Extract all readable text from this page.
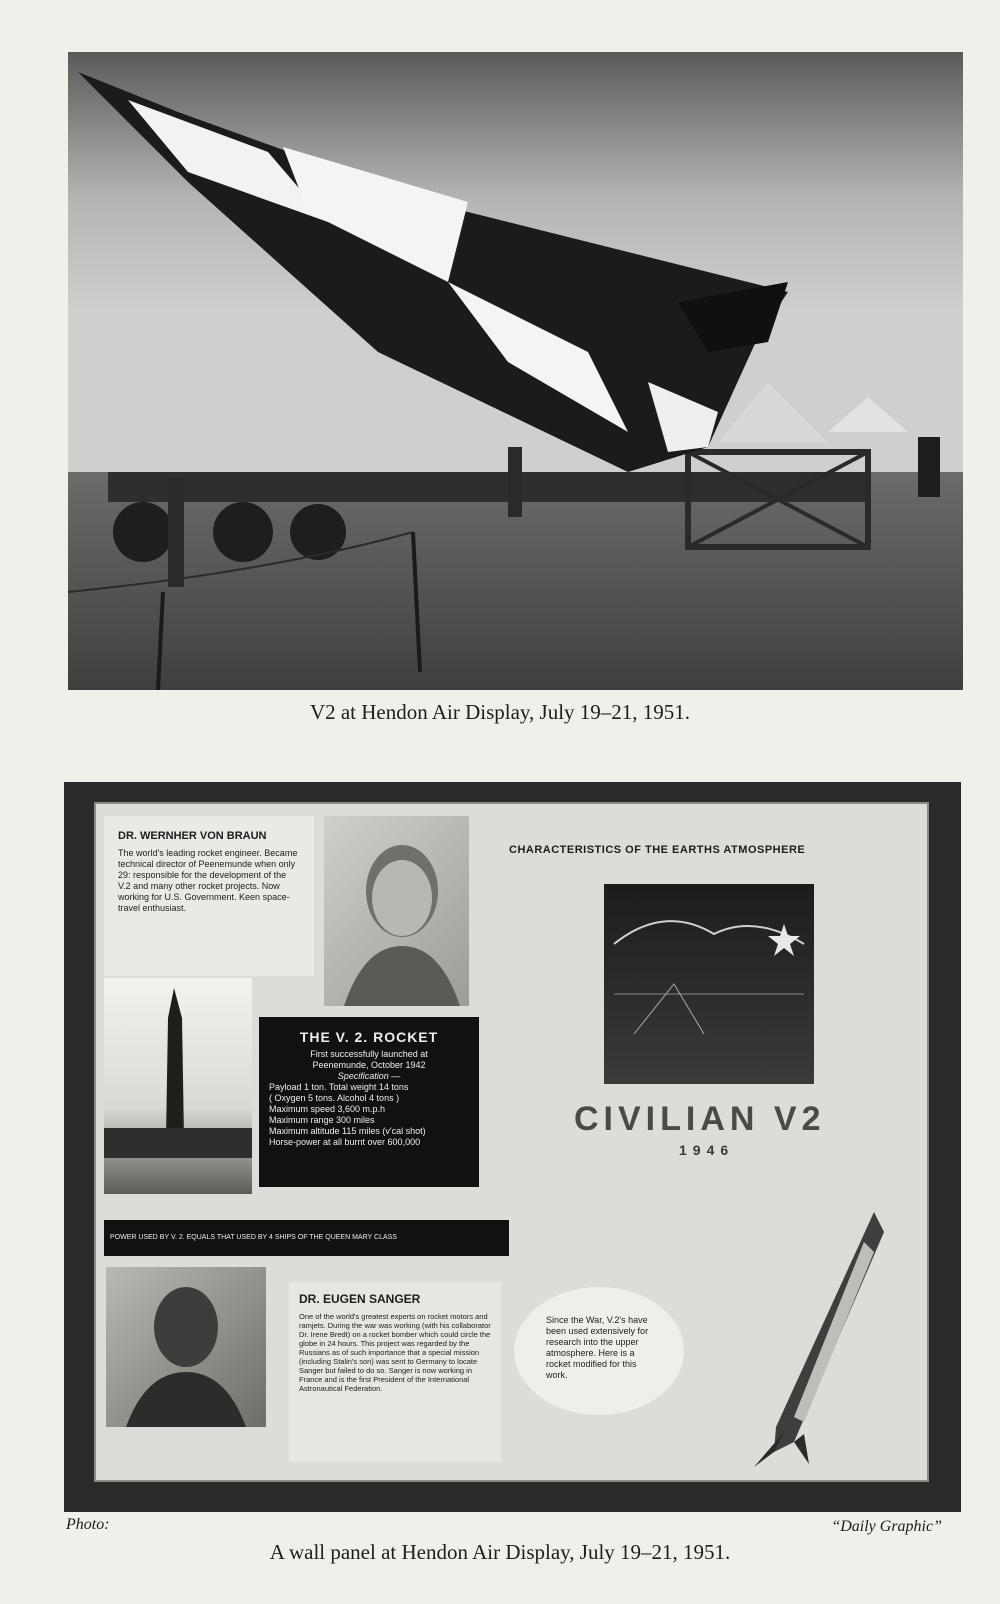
V2 at Hendon Air Display, July 19–21, 1951.
DR. WERNHER VON BRAUN
The world's leading rocket engineer. Became technical director of Peenemunde when only 29: responsible for the development of the V.2 and many other rocket projects. Now working for U.S. Government. Keen space-travel enthusiast.
THE V. 2. ROCKET
First successfully launched at
Peenemunde, October 1942
Specification —
Payload 1 ton. Total weight 14 tons
( Oxygen 5 tons. Alcohol 4 tons )
Maximum speed 3,600 m.p.h
Maximum range 300 miles
Maximum altitude 115 miles (v'cal shot)
Horse-power at all burnt over 600,000
POWER USED BY V. 2. EQUALS THAT USED BY 4 SHIPS OF THE QUEEN MARY CLASS
DR. EUGEN SANGER
One of the world's greatest experts on rocket motors and ramjets. During the war was working (with his collaborator Dr. Irene Bredt) on a rocket bomber which could circle the globe in 24 hours. This project was regarded by the Russians as of such importance that a special mission (including Stalin's son) was sent to Germany to locate Sanger but failed to do so. Sanger is now working in France and is the first President of the International Astronautical Federation.
CHARACTERISTICS OF THE EARTHS ATMOSPHERE
CIVILIAN V2
1946
Since the War, V.2's have been used extensively for research into the upper atmosphere. Here is a rocket modified for this work.
Photo:	“Daily Graphic”
A wall panel at Hendon Air Display, July 19–21, 1951.
